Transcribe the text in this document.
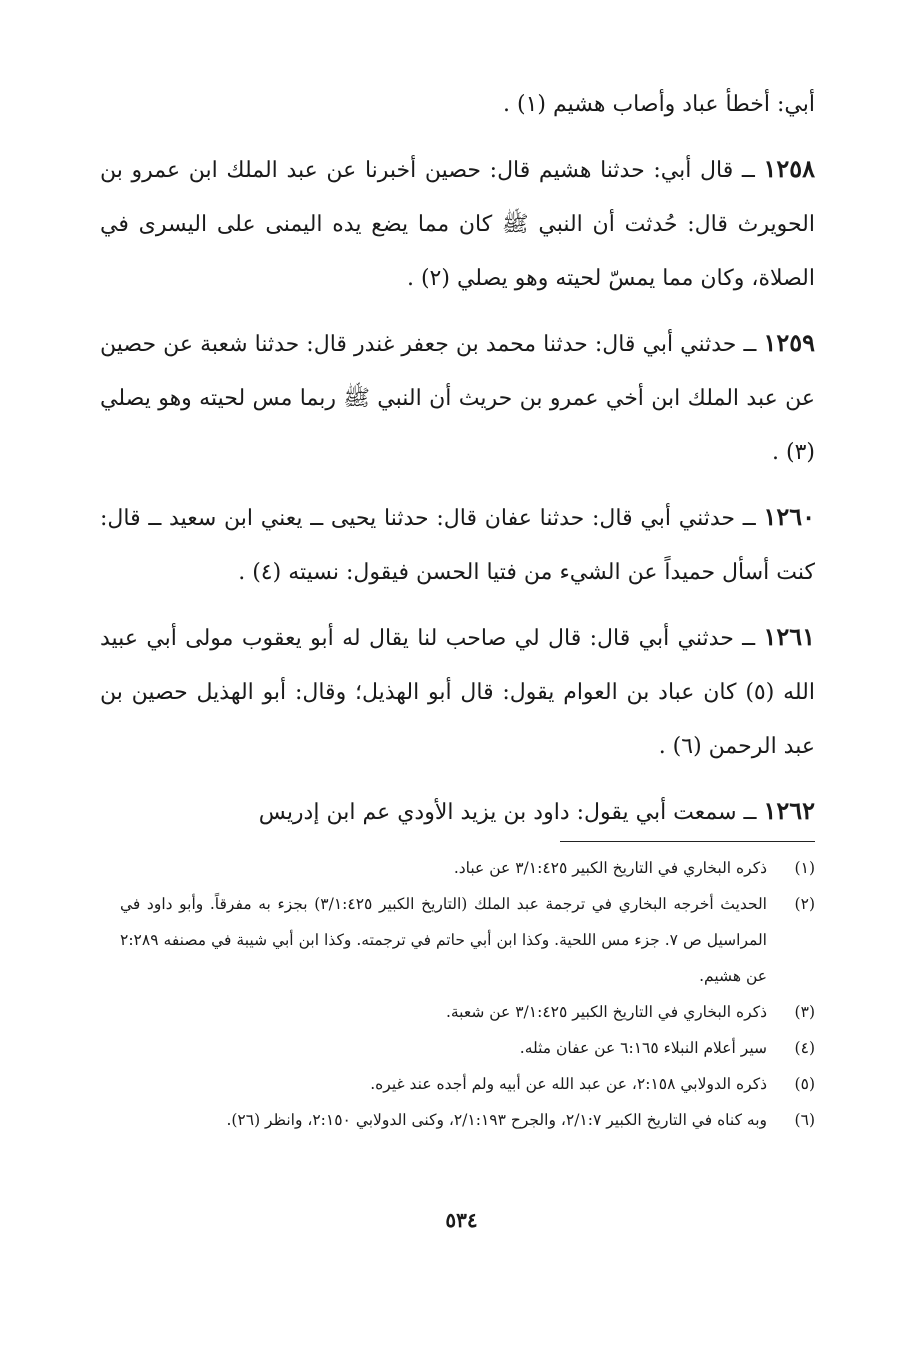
أبي: أخطأ عباد وأصاب هشيم (١) .
١٢٥٨ ــ قال أبي: حدثنا هشيم قال: حصين أخبرنا عن عبد الملك ابن عمرو بن الحويرث قال: حُدثت أن النبي ﷺ كان مما يضع يده اليمنى على اليسرى في الصلاة، وكان مما يمسّ لحيته وهو يصلي (٢) .
١٢٥٩ ــ حدثني أبي قال: حدثنا محمد بن جعفر غندر قال: حدثنا شعبة عن حصين عن عبد الملك ابن أخي عمرو بن حريث أن النبي ﷺ ربما مس لحيته وهو يصلي (٣) .
١٢٦٠ ــ حدثني أبي قال: حدثنا عفان قال: حدثنا يحيى ــ يعني ابن سعيد ــ قال: كنت أسأل حميداً عن الشيء من فتيا الحسن فيقول: نسيته (٤) .
١٢٦١ ــ حدثني أبي قال: قال لي صاحب لنا يقال له أبو يعقوب مولى أبي عبيد الله (٥) كان عباد بن العوام يقول: قال أبو الهذيل؛ وقال: أبو الهذيل حصين بن عبد الرحمن (٦) .
١٢٦٢ ــ سمعت أبي يقول: داود بن يزيد الأودي عم ابن إدريس
(١)
ذكره البخاري في التاريخ الكبير ٣/١:٤٢٥ عن عباد.
(٢)
الحديث أخرجه البخاري في ترجمة عبد الملك (التاريخ الكبير ٣/١:٤٢٥) بجزء به مفرقاً. وأبو داود في المراسيل ص ٧. جزء مس اللحية. وكذا ابن أبي حاتم في ترجمته. وكذا ابن أبي شيبة في مصنفه ٢:٢٨٩ عن هشيم.
(٣)
ذكره البخاري في التاريخ الكبير ٣/١:٤٢٥ عن شعبة.
(٤)
سير أعلام النبلاء ٦:١٦٥ عن عفان مثله.
(٥)
ذكره الدولابي ٢:١٥٨، عن عبد الله عن أبيه ولم أجده عند غيره.
(٦)
وبه كناه في التاريخ الكبير ٢/١:٧، والجرح ٢/١:١٩٣، وكنى الدولابي ٢:١٥٠، وانظر (٢٦).
٥٣٤
